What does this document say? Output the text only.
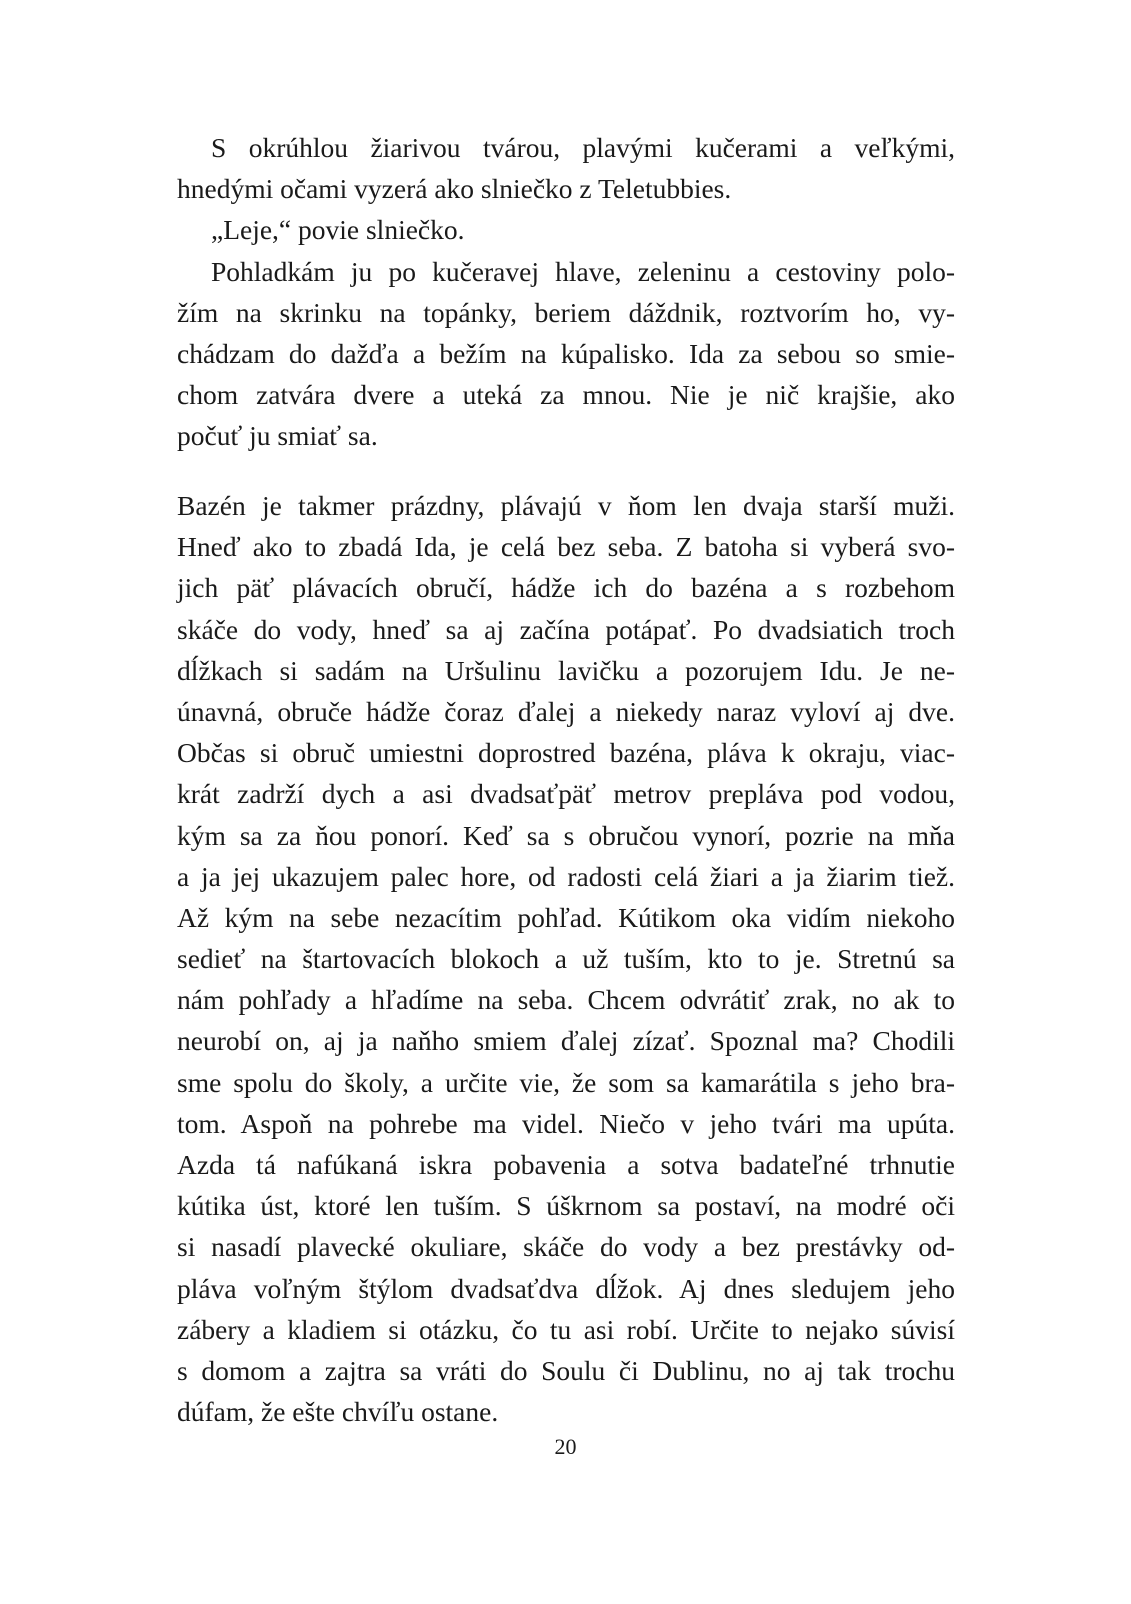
S okrúhlou žiarivou tvárou, plavými kučerami a veľkými,
hnedými očami vyzerá ako slniečko z Teletubbies.
„Leje,“ povie slniečko.
Pohladkám ju po kučeravej hlave, zeleninu a cestoviny polo-
žím na skrinku na topánky, beriem dáždnik, roztvorím ho, vy-
chádzam do dažďa a bežím na kúpalisko. Ida za sebou so smie-
chom zatvára dvere a uteká za mnou. Nie je nič krajšie, ako
počuť ju smiať sa.
Bazén je takmer prázdny, plávajú v ňom len dvaja starší muži.
Hneď ako to zbadá Ida, je celá bez seba. Z batoha si vyberá svo-
jich päť plávacích obručí, hádže ich do bazéna a s rozbehom
skáče do vody, hneď sa aj začína potápať. Po dvadsiatich troch
dĺžkach si sadám na Uršulinu lavičku a pozorujem Idu. Je ne-
únavná, obruče hádže čoraz ďalej a niekedy naraz vyloví aj dve.
Občas si obruč umiestni doprostred bazéna, pláva k okraju, viac-
krát zadrží dych a asi dvadsaťpäť metrov prepláva pod vodou,
kým sa za ňou ponorí. Keď sa s obručou vynorí, pozrie na mňa
a ja jej ukazujem palec hore, od radosti celá žiari a ja žiarim tiež.
Až kým na sebe nezacítim pohľad. Kútikom oka vidím niekoho
sedieť na štartovacích blokoch a už tuším, kto to je. Stretnú sa
nám pohľady a hľadíme na seba. Chcem odvrátiť zrak, no ak to
neurobí on, aj ja naňho smiem ďalej zízať. Spoznal ma? Chodili
sme spolu do školy, a určite vie, že som sa kamarátila s jeho bra-
tom. Aspoň na pohrebe ma videl. Niečo v jeho tvári ma upúta.
Azda tá nafúkaná iskra pobavenia a sotva badateľné trhnutie
kútika úst, ktoré len tuším. S úškrnom sa postaví, na modré oči
si nasadí plavecké okuliare, skáče do vody a bez prestávky od-
pláva voľným štýlom dvadsaťdva dĺžok. Aj dnes sledujem jeho
zábery a kladiem si otázku, čo tu asi robí. Určite to nejako súvisí
s domom a zajtra sa vráti do Soulu či Dublinu, no aj tak trochu
dúfam, že ešte chvíľu ostane.
20
